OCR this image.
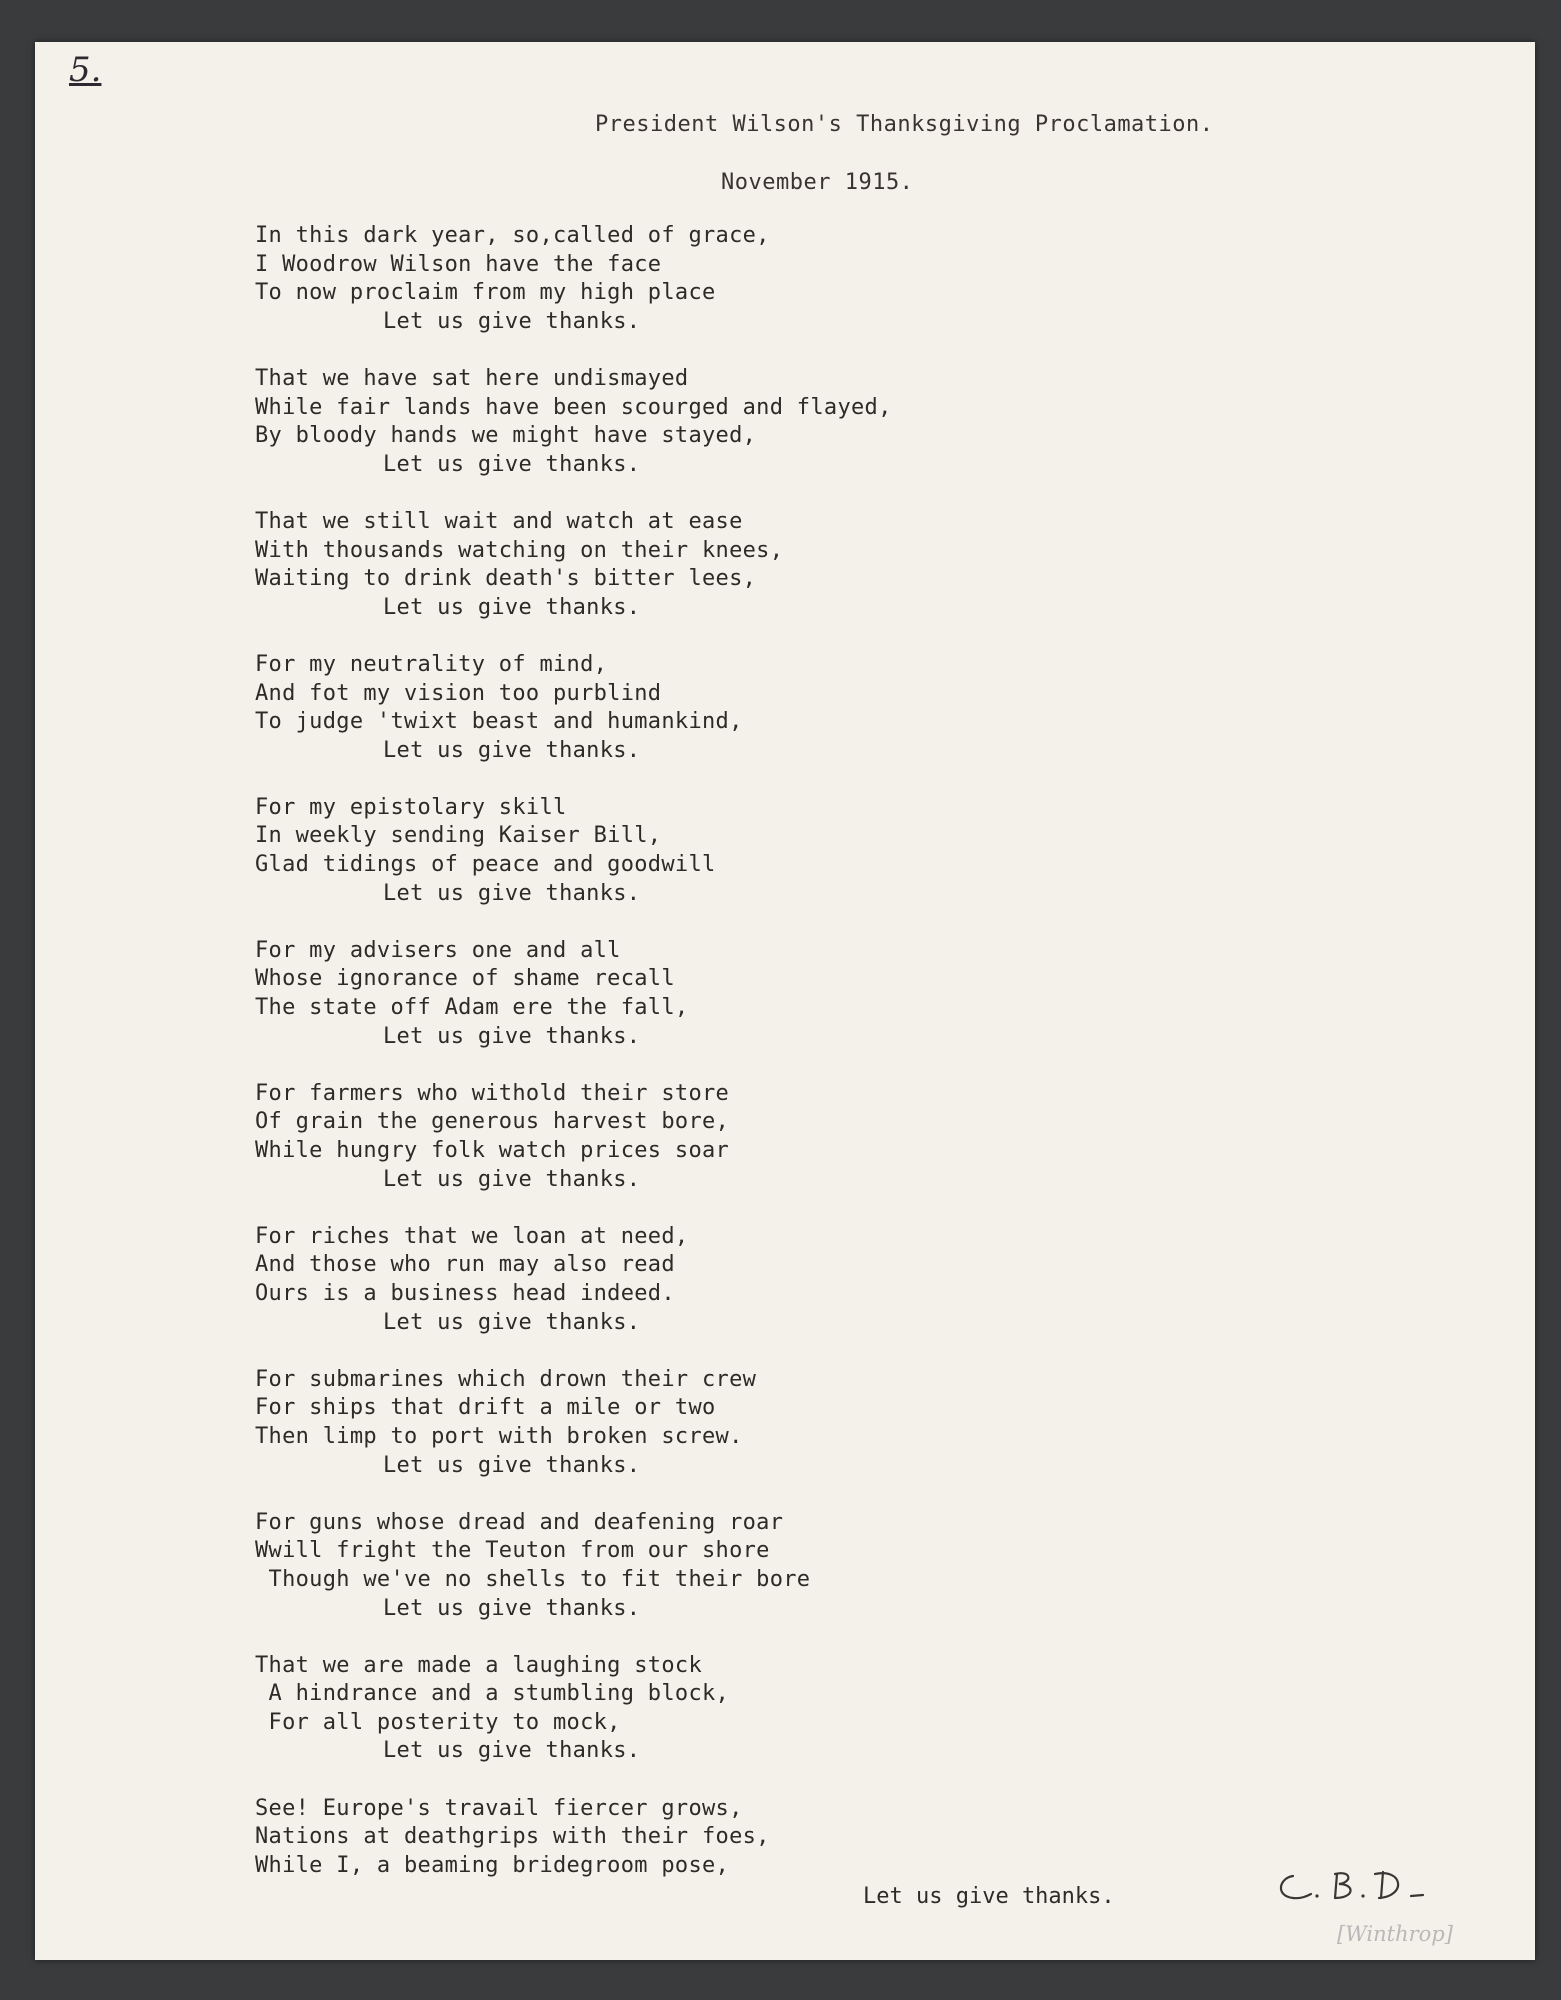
5.
President Wilson's Thanksgiving Proclamation.
November 1915.
In this dark year, so,called of grace,
I Woodrow Wilson have the face
To now proclaim from my high place
Let us give thanks.
That we have sat here undismayed
While fair lands have been scourged and flayed,
By bloody hands we might have stayed,
Let us give thanks.
That we still wait and watch at ease
With thousands watching on their knees,
Waiting to drink death's bitter lees,
Let us give thanks.
For my neutrality of mind,
And fot my vision too purblind
To judge 'twixt beast and humankind,
Let us give thanks.
For my epistolary skill
In weekly sending Kaiser Bill,
Glad tidings of peace and goodwill
Let us give thanks.
For my advisers one and all
Whose ignorance of shame recall
The state off Adam ere the fall,
Let us give thanks.
For farmers who withold their store
Of grain the generous harvest bore,
While hungry folk watch prices soar
Let us give thanks.
For riches that we loan at need,
And those who run may also read
Ours is a business head indeed.
Let us give thanks.
For submarines which drown their crew
For ships that drift a mile or two
Then limp to port with broken screw.
Let us give thanks.
For guns whose dread and deafening roar
Wwill fright the Teuton from our shore
Though we've no shells to fit their bore
Let us give thanks.
That we are made a laughing stock
A hindrance and a stumbling block,
For all posterity to mock,
Let us give thanks.
See! Europe's travail fiercer grows,
Nations at deathgrips with their foes,
While I, a beaming bridegroom pose,
Let us give thanks.
[Winthrop]
